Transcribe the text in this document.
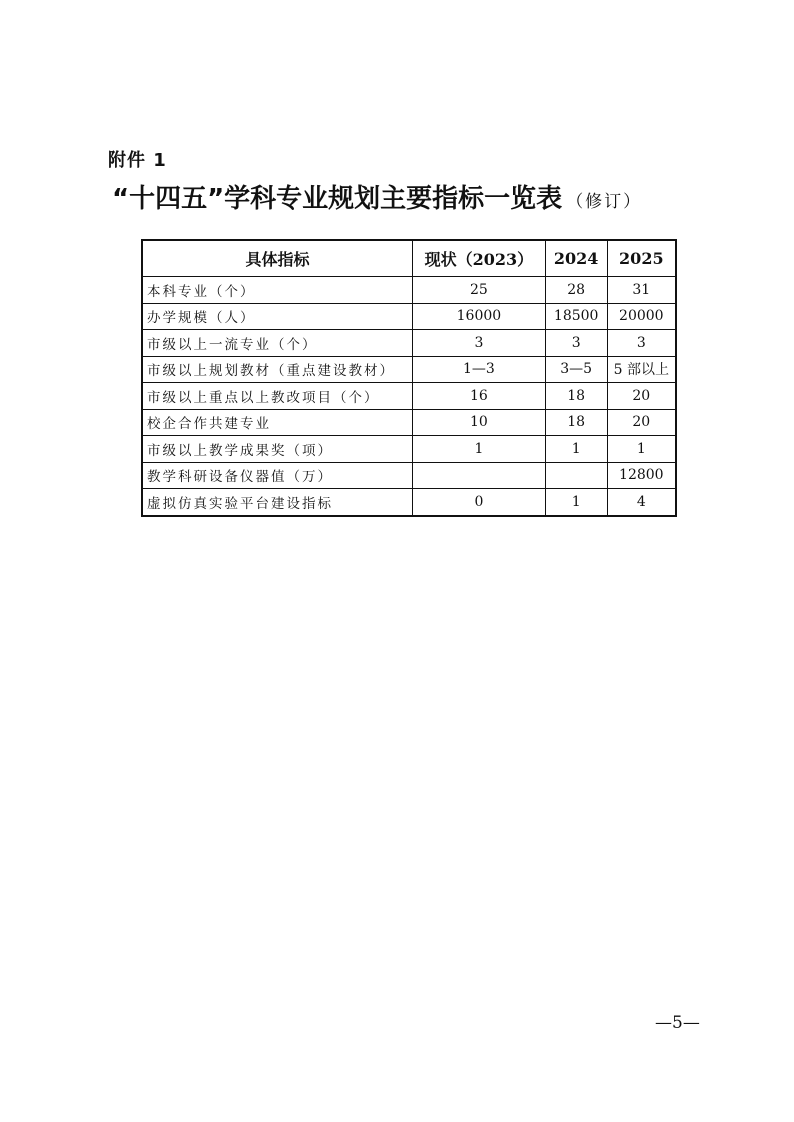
附件 1
“十四五”学科专业规划主要指标一览表 （修订）
具体指标	现状（2023）	2024	2025
本科专业（个）	25	28	31
办学规模（人）	16000	18500	20000
市级以上一流专业（个）	3	3	3
市级以上规划教材（重点建设教材）	1—3	3—5	5 部以上
市级以上重点以上教改项目（个）	16	18	20
校企合作共建专业	10	18	20
市级以上教学成果奖（项）	1	1	1
教学科研设备仪器值（万）			12800
虚拟仿真实验平台建设指标	0	1	4
—5—
